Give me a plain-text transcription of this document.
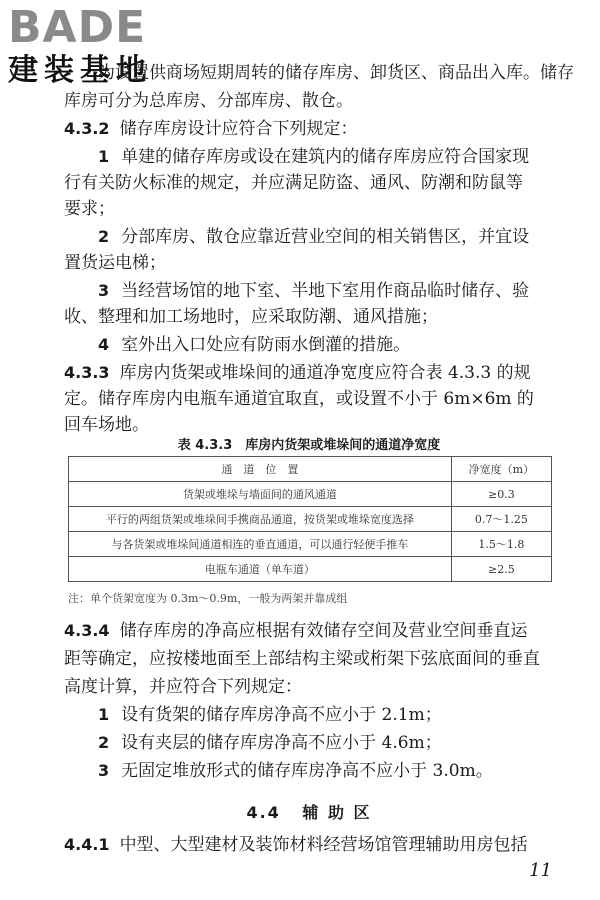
BADE
建装基地
为设置供商场短期周转的储存库房、卸货区、商品出入库。储存
库房可分为总库房、分部库房、散仓。
4.3.2 储存库房设计应符合下列规定：
1 单建的储存库房或设在建筑内的储存库房应符合国家现
行有关防火标准的规定，并应满足防盗、通风、防潮和防鼠等
要求；
2 分部库房、散仓应靠近营业空间的相关销售区，并宜设
置货运电梯；
3 当经营场馆的地下室、半地下室用作商品临时储存、验
收、整理和加工场地时，应采取防潮、通风措施；
4 室外出入口处应有防雨水倒灌的措施。
4.3.3 库房内货架或堆垛间的通道净宽度应符合表 4.3.3 的规
定。储存库房内电瓶车通道宜取直，或设置不小于 6m×6m 的
回车场地。
表 4.3.3　库房内货架或堆垛间的通道净宽度
通　道　位　置	净宽度（m）
货架或堆垛与墙面间的通风通道	≥0.3
平行的两组货架或堆垛间手携商品通道，按货架或堆垛宽度选择	0.7～1.25
与各货架或堆垛间通道相连的垂直通道，可以通行轻便手推车	1.5～1.8
电瓶车通道（单车道）	≥2.5
注：单个货架宽度为 0.3m～0.9m，一般为两架并靠成组
4.3.4 储存库房的净高应根据有效储存空间及营业空间垂直运
距等确定，应按楼地面至上部结构主梁或桁架下弦底面间的垂直
高度计算，并应符合下列规定：
1 设有货架的储存库房净高不应小于 2.1m；
2 设有夹层的储存库房净高不应小于 4.6m；
3 无固定堆放形式的储存库房净高不应小于 3.0m。
4.4 辅 助 区
4.4.1 中型、大型建材及装饰材料经营场馆管理辅助用房包括
11
